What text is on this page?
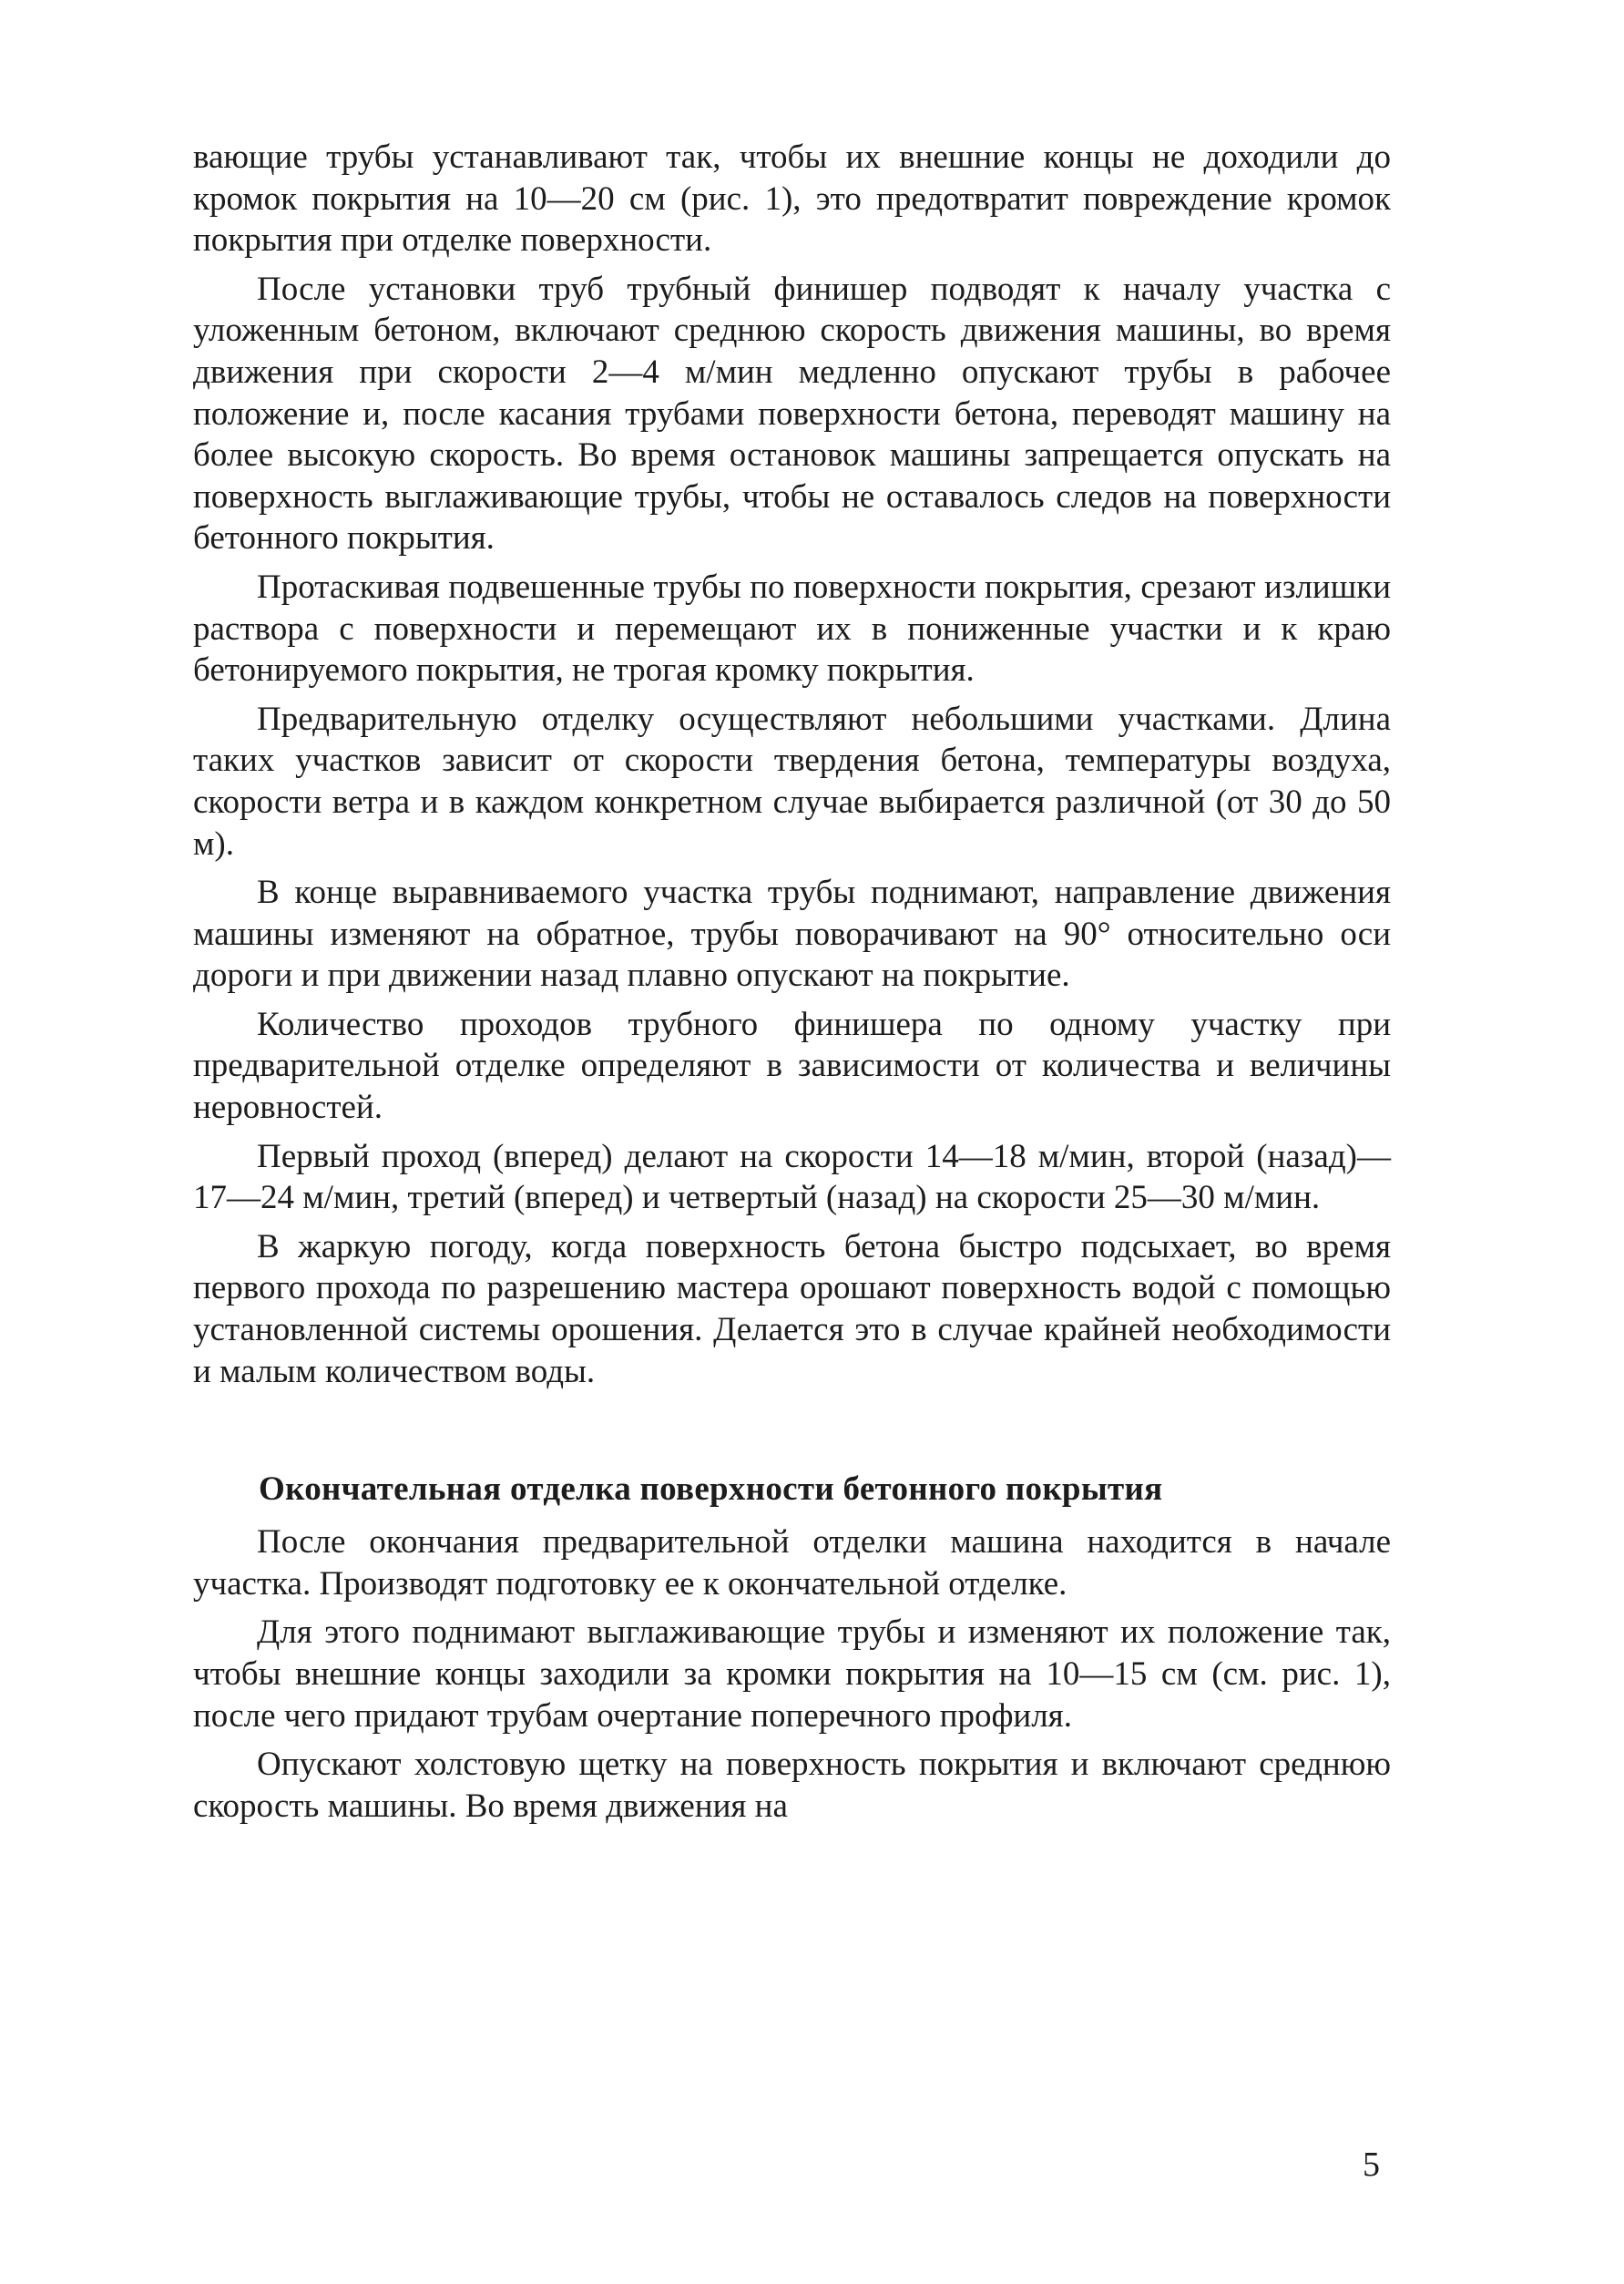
вающие трубы устанавливают так, чтобы их внешние концы не доходили до кромок покрытия на 10—20 см (рис. 1), это предотвратит повреждение кромок покрытия при отделке поверхности.

После установки труб трубный финишер подводят к началу участка с уложенным бетоном, включают среднюю скорость движения машины, во время движения при скорости 2—4 м/мин медленно опускают трубы в рабочее положение и, после касания трубами поверхности бетона, переводят машину на более высокую скорость. Во время остановок машины запрещается опускать на поверхность выглаживающие трубы, чтобы не оставалось следов на поверхности бетонного покрытия.

Протаскивая подвешенные трубы по поверхности покрытия, срезают излишки раствора с поверхности и перемещают их в пониженные участки и к краю бетонируемого покрытия, не трогая кромку покрытия.

Предварительную отделку осуществляют небольшими участками. Длина таких участков зависит от скорости твердения бетона, температуры воздуха, скорости ветра и в каждом конкретном случае выбирается различной (от 30 до 50 м).

В конце выравниваемого участка трубы поднимают, направление движения машины изменяют на обратное, трубы поворачивают на 90° относительно оси дороги и при движении назад плавно опускают на покрытие.

Количество проходов трубного финишера по одному участку при предварительной отделке определяют в зависимости от количества и величины неровностей.

Первый проход (вперед) делают на скорости 14—18 м/мин, второй (назад)—17—24 м/мин, третий (вперед) и четвертый (назад) на скорости 25—30 м/мин.

В жаркую погоду, когда поверхность бетона быстро подсыхает, во время первого прохода по разрешению мастера орошают поверхность водой с помощью установленной системы орошения. Делается это в случае крайней необходимости и малым количеством воды.

Окончательная отделка поверхности бетонного покрытия

После окончания предварительной отделки машина находится в начале участка. Производят подготовку ее к окончательной отделке.

Для этого поднимают выглаживающие трубы и изменяют их положение так, чтобы внешние концы заходили за кромки покрытия на 10—15 см (см. рис. 1), после чего придают трубам очертание поперечного профиля.

Опускают холстовую щетку на поверхность покрытия и включают среднюю скорость машины. Во время движения на

5
